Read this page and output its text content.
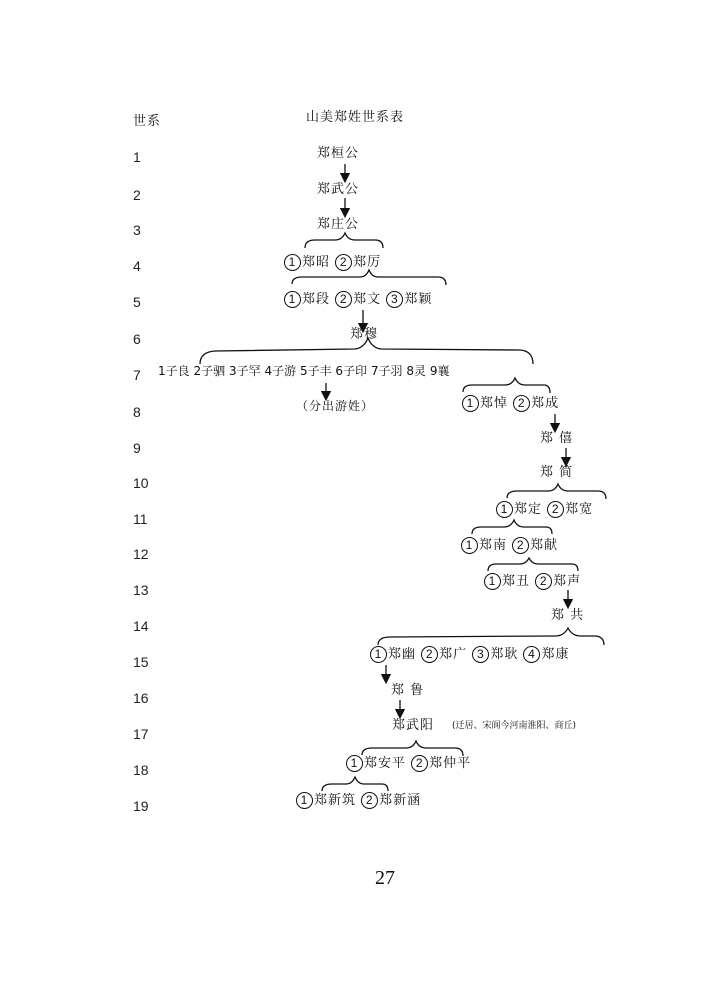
世系	山美郑姓世系表
1
2
3
4
5
6
7
8
9
10
11
12
13
14
15
16
17
18
19
郑桓公
郑武公
郑庄公
1 郑昭 2 郑厉
1 郑段 2 郑文 3 郑颖
郑穆
1子良 2子驷 3子罕 4子游 5子丰 6子印 7子羽 8灵 9襄
（分出游姓）	1 郑悼 2 郑成
郑 僖
郑 简
1 郑定 2 郑宽
1 郑南 2 郑献
1 郑丑 2 郑声
郑 共
1 郑幽 2 郑广 3 郑耿 4 郑康
郑 鲁
郑武阳 (迁居、宋阆今河南淮阳、商丘)
1 郑安平 2 郑仲平
1 郑新筑 2 郑新涵
27
